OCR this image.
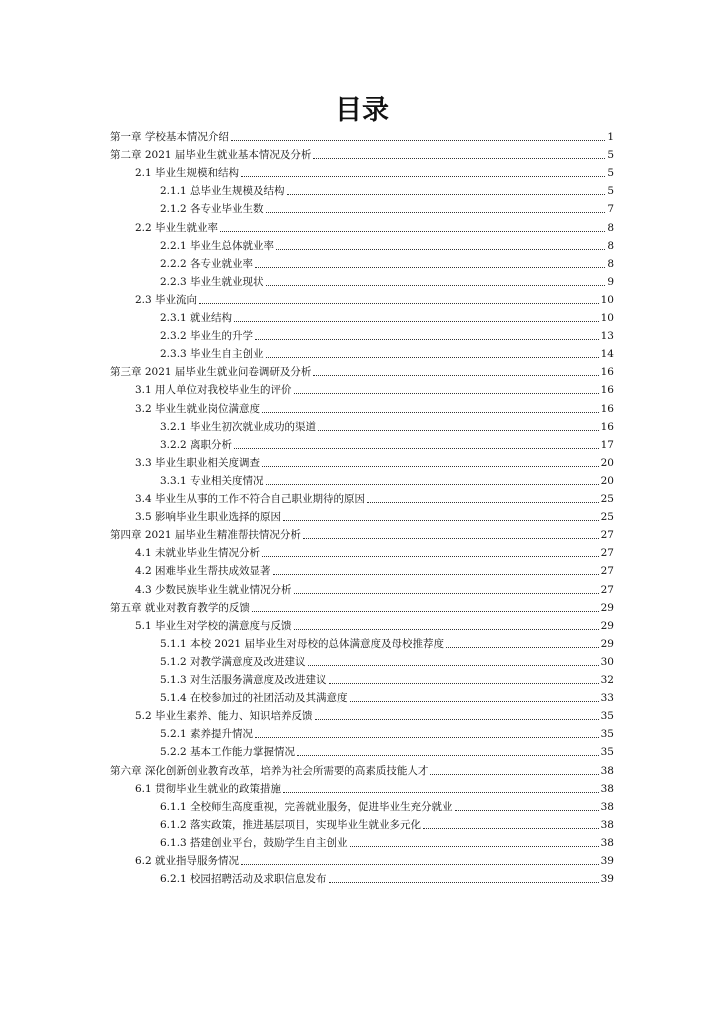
目录
第一章 学校基本情况介绍	1
第二章 2021 届毕业生就业基本情况及分析	5
2.1 毕业生规模和结构	5
2.1.1 总毕业生规模及结构	5
2.1.2 各专业毕业生数	7
2.2 毕业生就业率	8
2.2.1 毕业生总体就业率	8
2.2.2 各专业就业率	8
2.2.3 毕业生就业现状	9
2.3 毕业流向	10
2.3.1 就业结构	10
2.3.2 毕业生的升学	13
2.3.3 毕业生自主创业	14
第三章 2021 届毕业生就业问卷调研及分析	16
3.1 用人单位对我校毕业生的评价	16
3.2 毕业生就业岗位满意度	16
3.2.1 毕业生初次就业成功的渠道	16
3.2.2 离职分析	17
3.3 毕业生职业相关度调查	20
3.3.1 专业相关度情况	20
3.4 毕业生从事的工作不符合自己职业期待的原因	25
3.5 影响毕业生职业选择的原因	25
第四章 2021 届毕业生精准帮扶情况分析	27
4.1 未就业毕业生情况分析	27
4.2 困难毕业生帮扶成效显著	27
4.3 少数民族毕业生就业情况分析	27
第五章 就业对教育教学的反馈	29
5.1 毕业生对学校的满意度与反馈	29
5.1.1 本校 2021 届毕业生对母校的总体满意度及母校推荐度	29
5.1.2 对教学满意度及改进建议	30
5.1.3 对生活服务满意度及改进建议	32
5.1.4 在校参加过的社团活动及其满意度	33
5.2 毕业生素养、能力、知识培养反馈	35
5.2.1 素养提升情况	35
5.2.2 基本工作能力掌握情况	35
第六章 深化创新创业教育改革，培养为社会所需要的高素质技能人才	38
6.1 贯彻毕业生就业的政策措施	38
6.1.1 全校师生高度重视，完善就业服务，促进毕业生充分就业	38
6.1.2 落实政策，推进基层项目，实现毕业生就业多元化	38
6.1.3 搭建创业平台，鼓励学生自主创业	38
6.2 就业指导服务情况	39
6.2.1 校园招聘活动及求职信息发布	39
